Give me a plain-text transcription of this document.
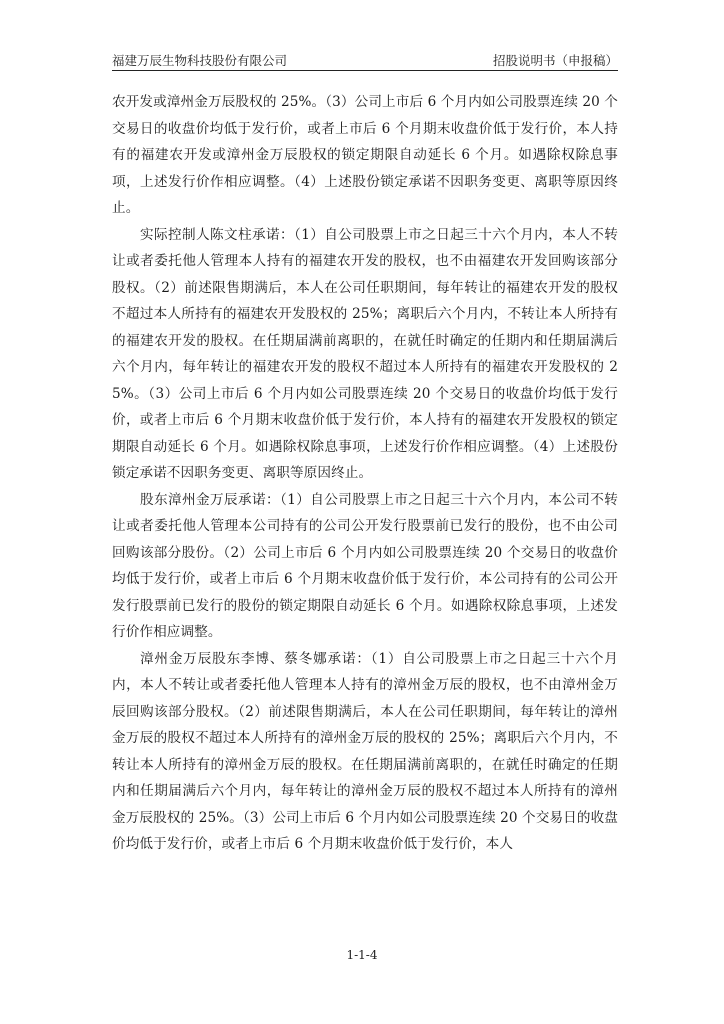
福建万辰生物科技股份有限公司	招股说明书（申报稿）

农开发或漳州金万辰股权的 25%。（3）公司上市后 6 个月内如公司股票连续 20 个交易日的收盘价均低于发行价，或者上市后 6 个月期末收盘价低于发行价，本人持有的福建农开发或漳州金万辰股权的锁定期限自动延长 6 个月。如遇除权除息事项，上述发行价作相应调整。（4）上述股份锁定承诺不因职务变更、离职等原因终止。

实际控制人陈文柱承诺：（1）自公司股票上市之日起三十六个月内，本人不转让或者委托他人管理本人持有的福建农开发的股权，也不由福建农开发回购该部分股权。（2）前述限售期满后，本人在公司任职期间，每年转让的福建农开发的股权不超过本人所持有的福建农开发股权的 25%；离职后六个月内，不转让本人所持有的福建农开发的股权。在任期届满前离职的，在就任时确定的任期内和任期届满后六个月内，每年转让的福建农开发的股权不超过本人所持有的福建农开发股权的 25%。（3）公司上市后 6 个月内如公司股票连续 20 个交易日的收盘价均低于发行价，或者上市后 6 个月期末收盘价低于发行价，本人持有的福建农开发股权的锁定期限自动延长 6 个月。如遇除权除息事项，上述发行价作相应调整。（4）上述股份锁定承诺不因职务变更、离职等原因终止。

股东漳州金万辰承诺：（1）自公司股票上市之日起三十六个月内，本公司不转让或者委托他人管理本公司持有的公司公开发行股票前已发行的股份，也不由公司回购该部分股份。（2）公司上市后 6 个月内如公司股票连续 20 个交易日的收盘价均低于发行价，或者上市后 6 个月期末收盘价低于发行价，本公司持有的公司公开发行股票前已发行的股份的锁定期限自动延长 6 个月。如遇除权除息事项，上述发行价作相应调整。

漳州金万辰股东李博、蔡冬娜承诺：（1）自公司股票上市之日起三十六个月内，本人不转让或者委托他人管理本人持有的漳州金万辰的股权，也不由漳州金万辰回购该部分股权。（2）前述限售期满后，本人在公司任职期间，每年转让的漳州金万辰的股权不超过本人所持有的漳州金万辰的股权的 25%；离职后六个月内，不转让本人所持有的漳州金万辰的股权。在任期届满前离职的，在就任时确定的任期内和任期届满后六个月内，每年转让的漳州金万辰的股权不超过本人所持有的漳州金万辰股权的 25%。（3）公司上市后 6 个月内如公司股票连续 20 个交易日的收盘价均低于发行价，或者上市后 6 个月期末收盘价低于发行价，本人

1-1-4
